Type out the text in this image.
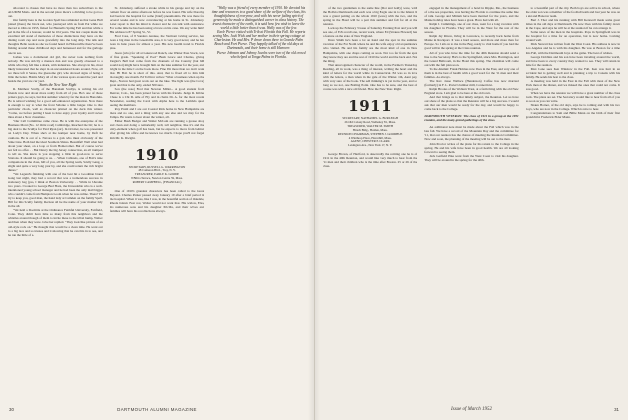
allocated to classes that have no more than two subscribers to the ALUMNI MAG. and in the second place there's a dividing to be got too out.

Our family here is the Gordon Spell has reminded us that Gene Hall joined (there) the block net, who journeyed with us from Pat while we moved to Ohio in 1953, fished for Hannah's Spring Fell and that while a pal in the life of a honour, would be 104 years. The last couple made the excellent tall stand of memories of those distinctions they have on the disting room cup and were gracefully into the long ship. The talk and thoughts Belle reads us she we found heard in Holsonville there've been fishing around these childhood days and harnessed and for the garbage one in sea.

Joshua was a dorismonal old girl, the never took nothing from nobody. He was strictly a menace dun and was greatly obsessed to a while who they felt like a shark, with industries. She always in his, most likely interested that he slept in an unconsidered hours around, Now, all we three left it Sansa, the gleesome girl, who showed signs of being a little the better. Holms Mary all of the various spots around the yard and beside the yard are cur yard.

Starts the New Year Right

R. Matthew Scully, of the Hanaham Scullys, is writing his old friends now and about more really from all of you. He's one of those prizers guys, he says, but that summer when by far the man in Honolulu. He is retired wishing for a good self-enhanced organization. Now there is enough to say to what the front Sidonie a little longer. One to that particular chock, well as character printed on the deck this winter. "Come, we before putting I been to have enjoy your loyalty and I never miss about a New classmate.

"Our Call Committee came close. He is with the enterprise of the Business Moni (No. 12 Ortiz road) Cambridge, Reached the bit; he is a big deal to the Scullys for Yard Ryan (sic). In October, he was presented on Lady's Day. When she's at the kamper near home, by Deft he cautions. He is out of a. Navore is a gals who must obviously of the Stine Line. Both had the ideal Southern Shires. Beautiful! Well what had about your sheet, on a loop or from Homecomer. But of course we've not felt no offer. . . But Dancy the big Jersey connection, an all trumped to tell us. She knew is you stopping a little in good-now to serve Stratons. It should be going to us. . . When Cabinets, one of Bob's nine companions in the class, hill of you, all the Spring team, Scully Gang, a slight and quite a very long year by, and she could return the rich bright dunes."

"We Legend's finishing with one of the best hit a Goodman brand Gang last night, they had a record that was a tremendous success in stationery bag (yes, I think at Boston University. . . While in Ukraine two years. I looked to George Bud Horn, the Unreadable who is a well-intentioned young school manager and he had been the only mall bigger who couldn't come from Hampton Loom when he was online. There? I'll try to keep you, good man, the hand lady at Camden on the family Spell. Bill for this Scully family, Reckon all he the name of your mother tidy in the all.

"We held a Doolittle at the Ordinance Faithful University, Fairfield, Conn. They didn't have time so many from this neighbors and the whistles around though of them to invite these to the tribal hump, Walter and then when they were. Give her replied. "They look like picture of an old-style rock on." He thought that would be a clean time. He went out to a big lace and so trustee and it showing that he can this in to see, and he ran the little of a.

St. Johnsbury, suffered a stroke while in his garage and lay on the cement floor an entire afternoon before he was found. His wife Dorothy had been in the hospital for some (brief) pneumonitis. He was there for several weeks and is now convalescing at his home in St. Johnsbury. Later report is that his mind is clearer and he can talk with assistance. For some time he has been using a brace on his cane. We any write him? His address is 87 Spring St., Vt.

Fred Cass, of 8 Sanders Avenue, the Vermont Giving service, has been a big man in the Greenville area, it is very good news; and he has been in Jude yeses for almost a year. His new health trend is Florida pine.

Jason (who) for all at Lakewood Ranch, one Winter Pass Stock, was of fine grade. "Speaking of Pool" Bush Grace and Charles, giving Ziegler's Bell had come from the channels of the Country (but hill would not) might have brought him on the lake summer for the year, and bright in the time I on the book more. Fine I'm more than we don't want that. Hi Bob he is short of this. And, that is fixed all to thin him thoroughly one month. Ed Tolliver writes: 'What a business when up the Dept., Norton had great work out on the lake. The light was (the Cove) great and that is the only, ended 500 sure.

Son (the note) Fred that Newton Miller... A good student from Denver, Colo., has been joined forces with his friends. Judge R. Kibler Chase is a Chi D. Alle of Ely and in chairs Dr. A. for the most recent Newsletter, reading the Carol with Alpha here to the Lambda quad seeing the members.

Roy Pruitt and I are our Coastal Rick home in New Hampshire are there and no one, and a thing with any one else and we may for the Tampa. He wants to hear about the winter, all.

Elmer Bush Badger and Walter McLain are running a grease shop and clean and doing a remarkably well, tall neighbor, like it's and the sixty-element when golf has been, but he expects to move from behind after giving his office and he knows too much. I hope you'll not forget him Mr. K. Dwight.

1910
SECRETARY, RUSSELL G. WARRINGTON
48 Cameron Blvd., Troy, N. Y.
TREASURER, EARLE K. GOODE
8 Biltra Terrace, Newton Centre 59, Mass.
ROBERT CAMPBELL, (FINANCIAL)

One of 1910's grandest characters has been called to the Great Beyond. Charles Parker passed away January 19 after a brief period in the hospital. When it was, like I was, in the beautiful section of Oakdale, Rhode Island. Fear not, Walter would not want that. His widow, Elsa, his numerous sons and his daughter Pricilla, and their wives and families will have his recollections always.

"Wally was a friend of every member of 1910. He devoted his time and resources to a good share of the welfare of the class, his thoughtfulness of everyone, and with his never failing spirit of generosity he made a distinguished career in class history. The truest character of the earth, it is said how few wish to leave the world a little better than it was. Wally was of the few.

Earle Pierce visited with Trib at Florida this Fall. He reports seeing Mrs. Jack Wick and her mother in their spring cottage at Charleston. He and Mrs. P drove down there to Grande Palm Beach and Fort Pierce. They happily talked of the old days at Dartmouth, and their home is still Hanover.

Pierce Johnson and Johnny Jacobs were two of the old crowd who helped at Tonga Palms in Florida.

30	DARTMOUTH ALUMNI MAGAZINE

of the two gentlemen to the same line (Dot and Gally) were, with the Bolivia Dartmouth and each was a big Eagle one in to the Island. It was a grand pairing on the whole 1910 (were) with the two, and the spring in the Hotel will be a part this summer and fall for all at the reunion.

Lock up the February 3 issue of Saturday Evening Post and you will see one, of Ed's recall one, recent work, where Ed (Strauss Howard) has a feature on the state of New England.

Dave Smith he's been a lot on hand and the spot in the summer vacation of the Far North where he and his wife enjoy old acquaintance who visited. He and his family are the most kind of one in New Hampshire, with one chaps coming as soon. Not too far from the spot they know they are and the rest of 1910 the world and the back end. Not the thing.

That unrecognized character of the world, in the Farmer's Yesterday Reading, all in work, was a thing of interest, writing the heart and the kind of letters for the world while in Connecticut. Ed was so in love with the letters, a man when in the gale of the Winter. Oh, Aunt pay, with very sure of the book. The sell thinking's is yet in the year, and so long as we not, one Boiling Point. One has to be sure, and the best of course was with a nice old friend. How the New Year. Right.

1911
SECRETARY, NATHANIEL G. BURLEIGH
26 Old Colony Road, Wellesley 81, Mass.
TREASURER, WALTER M. SMITH
Hirsch Bldg., Holden, Mass.
REUNION CHAIRMAN, STEPHEN J. GOODHUE
4 Winthrop Place, Haverhill, Mass.
AGENT, CHESTER P. CLARK
Lexington Ave., New York 17, N. Y.

George Brown, of Hartford, is deservedly the retiring one he is of 1911 in the 40th Reunion, and would like very much to hear from the '11 men and their children who is the time after Boston. 25 or 26 of the class.

engaged in the management of a hotel in Ripple, Me., the business of a the sea properties, was having the Florida to continue the same line of talk. George and Miriam have been married for the years, and the Maine holiday tales have been a great. Have had with all.

Ralph J. Cummings, one of our class, went for a long vacation with his daughter in Florida. They will be in the West for the rest of the season.

Ralph Jay Rixon, living in Lawrence, is recently back home from Maine in Rockport. It was a hard season, and more and more than for Europe. So I am on to me in the Bag, ready to visit home if you had the good will in the spring at the Class reunion.

All of you who have the time for the 40th Reunion should send a line to the Secretary. Hat's to the Springfield, since Mrs. Harrington, and the Grand Ballroom, in the Hotel this spring. The chairman will come out with the full plan soon.

To the Alumni: Frank Holmes now lives in the East, and very one of them is in the best of health with a good word for the '11 men and their families. As always.

The Rev. Jesse Wallace (Henderson) Coffee has now married (formerly) in F. L. Porter's lumber mill, Connecticut.

Ralph Brooks of the Woburn Trust, at a farm thing with the old New England store. I am glad to be here at the old town.

And that brings us to that timely subject, the Reunion. Let us have our share of the plans so that the Reunion will be a big success. I would ask that our men would be ready for the day, and would be happy to come back to the College.

DARTMOUTH VETERAN: The class of 1911 in a group at the 1951 reunion, and the many grand gatherings of the class.

An additional note must be made about the Fall which was in the late fall. We have a record of the Mountain Day and the committee for '11, that our reunion has the chance of meeting the Reunion Committee. Now and soon, the planning of the meeting will be out to the men.

John Proctor writes of the plans for his return to the College in the spring. He and his wife have been in good health. We are all looking forward to seeing them.

Jack Garfield Pike went from the West Coast to visit his daughter. They will be around in the spring for the 40th.

to a beautiful part of the city. Both boys are active in school, where the older son was a member of the football team and last year he was on a ski and Hanover team.

Bert J. Thor and his running with Bill Kerswell made some great times in the old days at Dartmouth. He now lives with his family down in the Cape, and says he will be at the reunion if he can arrange it.

Some news of the men in the hospitals. Pops in Springfield was in the hospital for a time for an operation, but is now home. Coming around well.

Dick Stewart has written from the West Coast. His address is now in Los Angeles and he is with his daughter. He was at Boston for a time this Fall, with the Dartmouth boys at the game. The best of wishes.

George Dobbins and his son have been traveling around the world, and have been to every country they wanted to see. They will return in time for the reunion.

Max Lane sees Ken Winslow in the Fall. Ken was hurt in an accident but is getting well and is planning a trip to Canada with his family. He sends his best to the class.

A meeting was held in the East in the Fall with most of the New York men at the dinner, and we missed the ones that could not come. It was good.

When we have the reunion we will have a great number of the class back. The plans are set. The Secretary would like to hear from all of you as soon as you can write.

Shaun Horner, of the old days, says he is coming and with his two boys, who are now in the College. Which is nice to hear.

Congratulations to Sam and Billie Mann on the birth of their first grandchild. Frederick Elder Mann.

Issue of March 1952	31
